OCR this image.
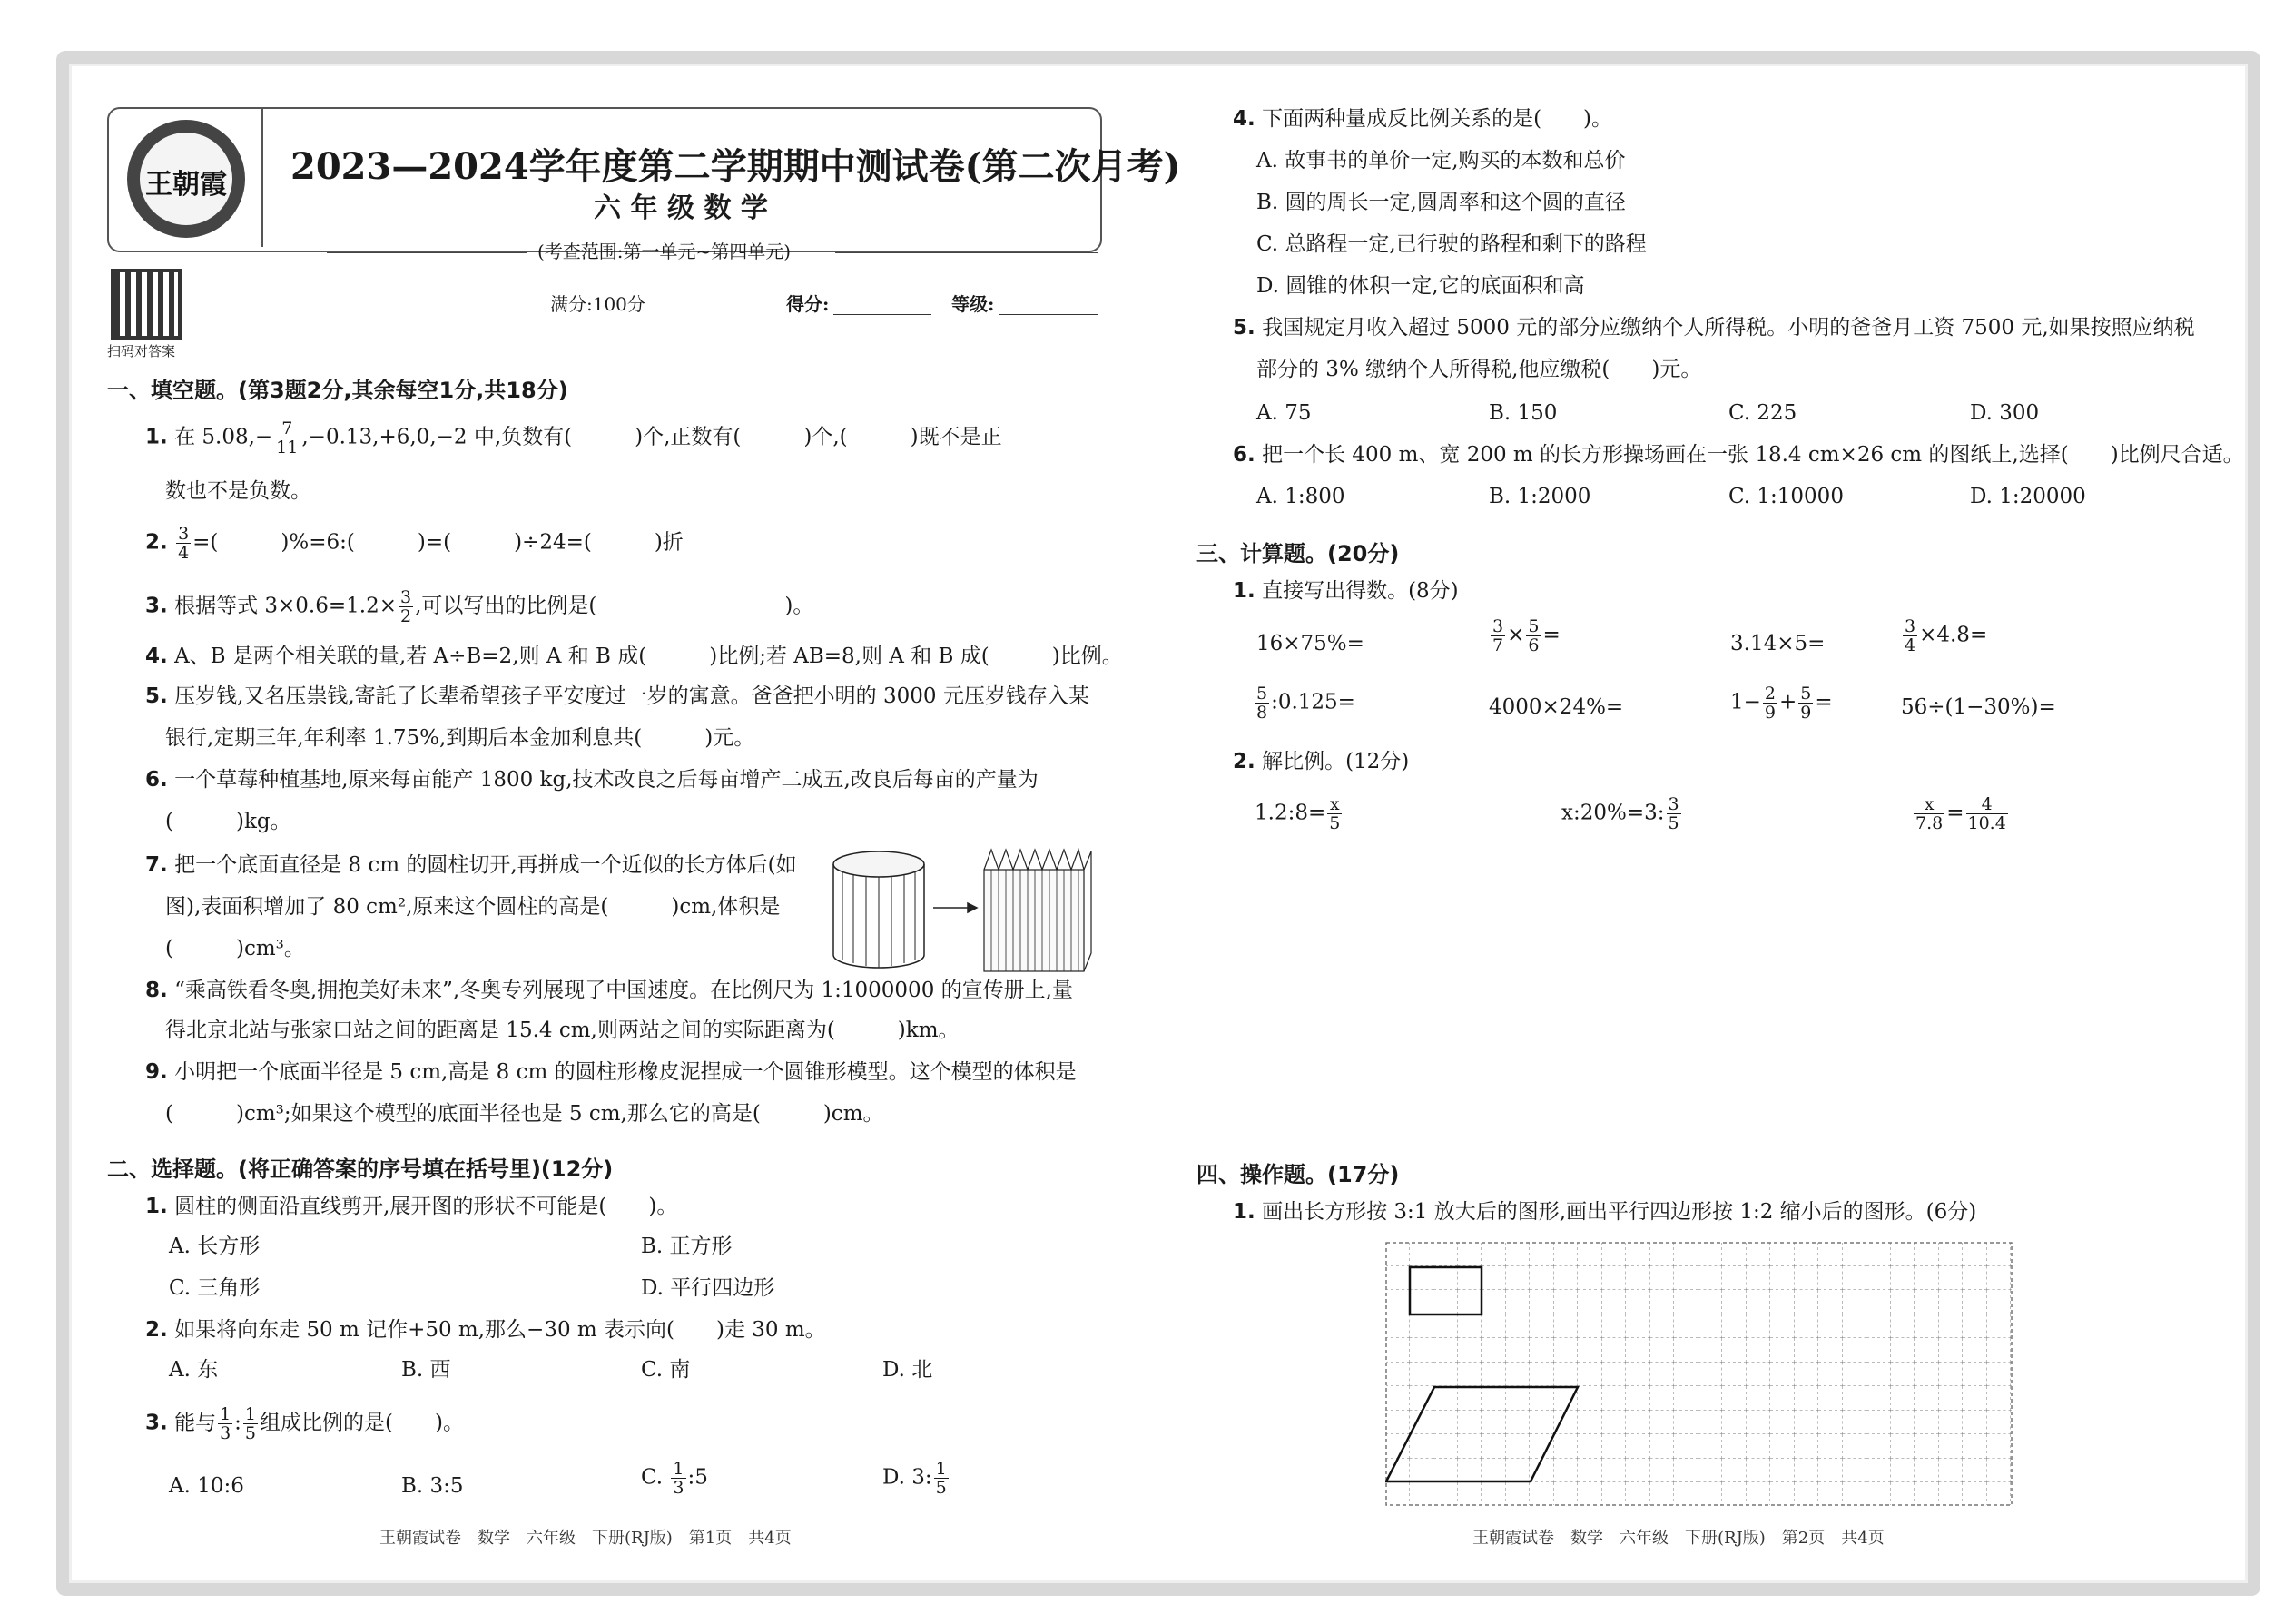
王朝霞	2023—2024学年度第二学期期中测试卷(第二次月考)
六 年 级 数 学
(考查范围:第一单元~第四单元)
扫码对答案
满分:100分	得分:	等级:
一、填空题。(第3题2分,其余每空1分,共18分)
1. 在 $5.08,- \frac{7}{11} ,-0.13,+6,0,-2$ 中,负数有(　　　)个,正数有(　　　)个,(　　　)既不是正
数也不是负数。
2. $\frac{3}{4}$ =(　　　)%=6:(　　　)=(　　　)÷24=(　　　)折
3. 根据等式 $3\times 0.6=1.2\times \frac{3}{2}$ ,可以写出的比例是(　　　　　　　　　)。
4. A、B 是两个相关联的量,若 A÷B=2,则 A 和 B 成(　　　)比例;若 AB=8,则 A 和 B 成(　　　)比例。
5. 压岁钱,又名压祟钱,寄託了长辈希望孩子平安度过一岁的寓意。爸爸把小明的 3000 元压岁钱存入某
银行,定期三年,年利率 1.75%,到期后本金加利息共(　　　)元。
6. 一个草莓种植基地,原来每亩能产 1800 kg,技术改良之后每亩增产二成五,改良后每亩的产量为
(　　　)kg。
7. 把一个底面直径是 8 cm 的圆柱切开,再拼成一个近似的长方体后(如
图),表面积增加了 80 cm²,原来这个圆柱的高是(　　　)cm,体积是
(　　　)cm³。
8. “乘高铁看冬奥,拥抱美好未来”,冬奥专列展现了中国速度。在比例尺为 1:1000000 的宣传册上,量
得北京北站与张家口站之间的距离是 15.4 cm,则两站之间的实际距离为(　　　)km。
9. 小明把一个底面半径是 5 cm,高是 8 cm 的圆柱形橡皮泥捏成一个圆锥形模型。这个模型的体积是
(　　　)cm³;如果这个模型的底面半径也是 5 cm,那么它的高是(　　　)cm。
二、选择题。(将正确答案的序号填在括号里)(12分)
1. 圆柱的侧面沿直线剪开,展开图的形状不可能是(　　)。
A. 长方形	B. 正方形
C. 三角形	D. 平行四边形
2. 如果将向东走 50 m 记作+50 m,那么−30 m 表示向(　　)走 30 m。
A. 东	B. 西	C. 南	D. 北
3. 能与 $\frac{1}{3}$ : $\frac{1}{5}$ 组成比例的是(　　)。
A. 10:6	B. 3:5	C. $\frac{1}{3}$ :5	D. 3: $\frac{1}{5}$
王朝霞试卷　数学　六年级　下册(RJ版)　第1页　共4页
4. 下面两种量成反比例关系的是(　　)。
A. 故事书的单价一定,购买的本数和总价
B. 圆的周长一定,圆周率和这个圆的直径
C. 总路程一定,已行驶的路程和剩下的路程
D. 圆锥的体积一定,它的底面积和高
5. 我国规定月收入超过 5000 元的部分应缴纳个人所得税。小明的爸爸月工资 7500 元,如果按照应纳税
部分的 3% 缴纳个人所得税,他应缴税(　　)元。
A. 75	B. 150	C. 225	D. 300
6. 把一个长 400 m、宽 200 m 的长方形操场画在一张 18.4 cm×26 cm 的图纸上,选择(　　)比例尺合适。
A. 1:800	B. 1:2000	C. 1:10000	D. 1:20000
三、计算题。(20分)
1. 直接写出得数。(8分)
16×75%=	$\frac{3}{7} \times \frac{5}{6}$ =	3.14×5=	$\frac{3}{4} \times 4.8=$
$\frac{5}{8}$ :0.125=	4000×24%=	$1- \frac{2}{9} + \frac{5}{9}$ =	56÷(1−30%)=
2. 解比例。(12分)
1.2:8= $\frac{x}{5}$	x:20%=3: $\frac{3}{5}$	$\frac{x}{7.8} = \frac{4}{10.4}$
四、操作题。(17分)
1. 画出长方形按 3:1 放大后的图形,画出平行四边形按 1:2 缩小后的图形。(6分)
王朝霞试卷　数学　六年级　下册(RJ版)　第2页　共4页
